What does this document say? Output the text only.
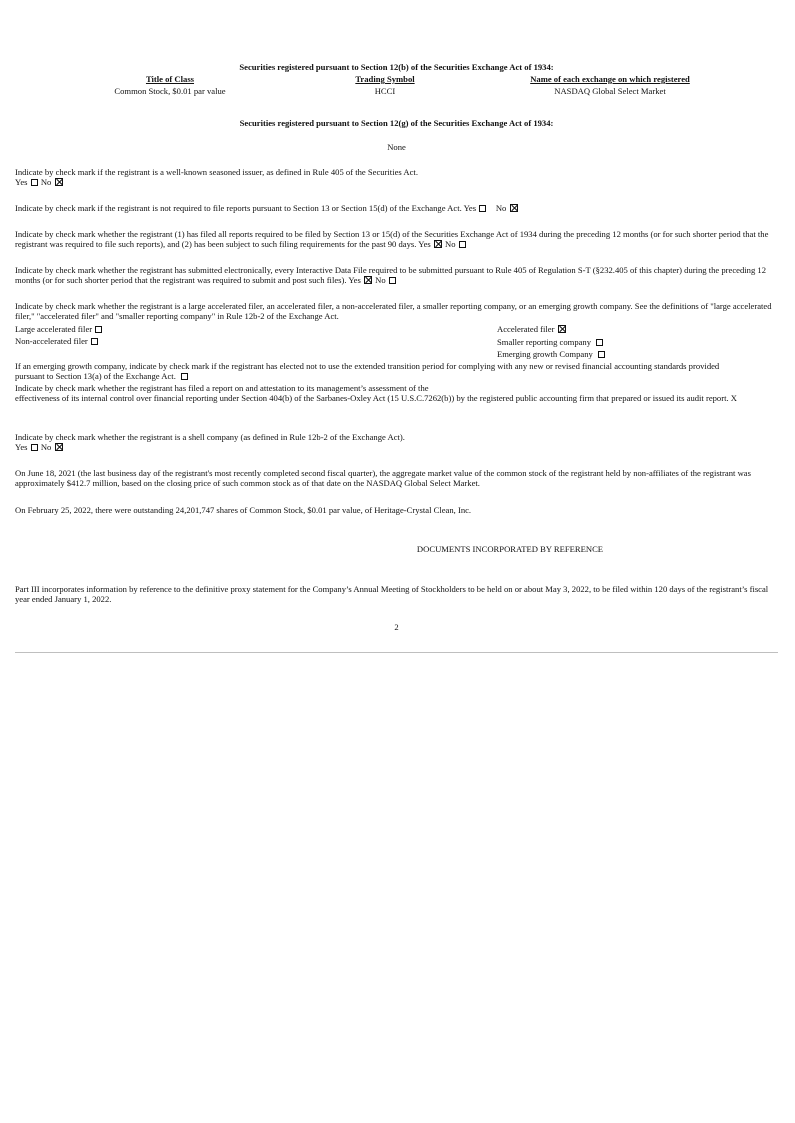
Securities registered pursuant to Section 12(b) of the Securities Exchange Act of 1934:

Title of Class	Trading Symbol	Name of each exchange on which registered
Common Stock, $0.01 par value	HCCI	NASDAQ Global Select Market

Securities registered pursuant to Section 12(g) of the Securities Exchange Act of 1934:

None

Indicate by check mark if the registrant is a well-known seasoned issuer, as defined in Rule 405 of the Securities Act.

Yes No

Indicate by check mark if the registrant is not required to file reports pursuant to Section 13 or Section 15(d) of the Exchange Act. Yes No

Indicate by check mark whether the registrant (1) has filed all reports required to be filed by Section 13 or 15(d) of the Securities Exchange Act of 1934 during the preceding 12 months (or for such shorter period that the registrant was required to file such reports), and (2) has been subject to such filing requirements for the past 90 days. Yes No

Indicate by check mark whether the registrant has submitted electronically, every Interactive Data File required to be submitted pursuant to Rule 405 of Regulation S-T (§232.405 of this chapter) during the preceding 12 months (or for such shorter period that the registrant was required to submit and post such files). Yes No

Indicate by check mark whether the registrant is a large accelerated filer, an accelerated filer, a non-accelerated filer, a smaller reporting company, or an emerging growth company. See the definitions of "large accelerated filer," "accelerated filer" and "smaller reporting company" in Rule 12b-2 of the Exchange Act.

Large accelerated filer	Accelerated filer
Non-accelerated filer	Smaller reporting company
Emerging growth Company

If an emerging growth company, indicate by check mark if the registrant has elected not to use the extended transition period for complying with any new or revised financial accounting standards provided pursuant to Section 13(a) of the Exchange Act.

Indicate by check mark whether the registrant has filed a report on and attestation to its management’s assessment of the

effectiveness of its internal control over financial reporting under Section 404(b) of the Sarbanes-Oxley Act (15 U.S.C.7262(b)) by the registered public accounting firm that prepared or issued its audit report. X

Indicate by check mark whether the registrant is a shell company (as defined in Rule 12b-2 of the Exchange Act).

Yes No

On June 18, 2021 (the last business day of the registrant's most recently completed second fiscal quarter), the aggregate market value of the common stock of the registrant held by non-affiliates of the registrant was approximately $412.7 million, based on the closing price of such common stock as of that date on the NASDAQ Global Select Market.

On February 25, 2022, there were outstanding 24,201,747 shares of Common Stock, $0.01 par value, of Heritage-Crystal Clean, Inc.

DOCUMENTS INCORPORATED BY REFERENCE

Part III incorporates information by reference to the definitive proxy statement for the Company’s Annual Meeting of Stockholders to be held on or about May 3, 2022, to be filed within 120 days of the registrant’s fiscal year ended January 1, 2022.

2
